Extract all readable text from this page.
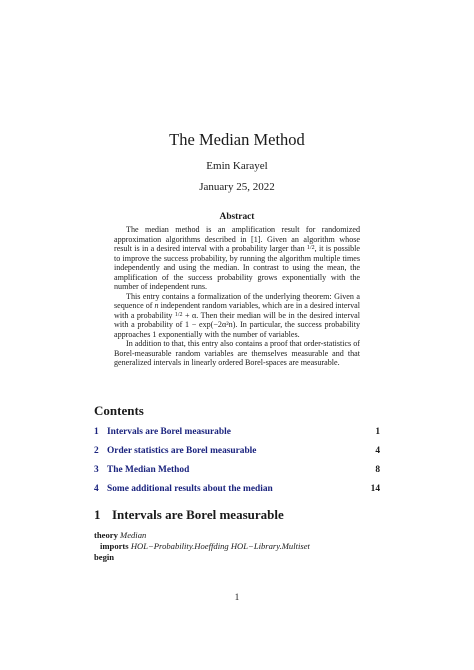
The Median Method
Emin Karayel
January 25, 2022
Abstract

The median method is an amplification result for randomized approximation algorithms described in [1]. Given an algorithm whose result is in a desired interval with a probability larger than $^{1/2}$, it is possible to improve the success probability, by running the algorithm multiple times independently and using the median. In contrast to using the mean, the amplification of the success probability grows exponentially with the number of independent runs.

This entry contains a formalization of the underlying theorem: Given a sequence of n independent random variables, which are in a desired interval with a probability $^{1/2}$ + α. Then their median will be in the desired interval with a probability of 1 − exp(−2α²n). In particular, the success probability approaches 1 exponentially with the number of variables.

In addition to that, this entry also contains a proof that order-statistics of Borel-measurable random variables are themselves measurable and that generalized intervals in linearly ordered Borel-spaces are measurable.

Contents
1 Intervals are Borel measurable	1
2 Order statistics are Borel measurable	4
3 The Median Method	8
4 Some additional results about the median	14
1 Intervals are Borel measurable
theory Median
imports HOL−Probability.Hoeffding HOL−Library.Multiset
begin
1
